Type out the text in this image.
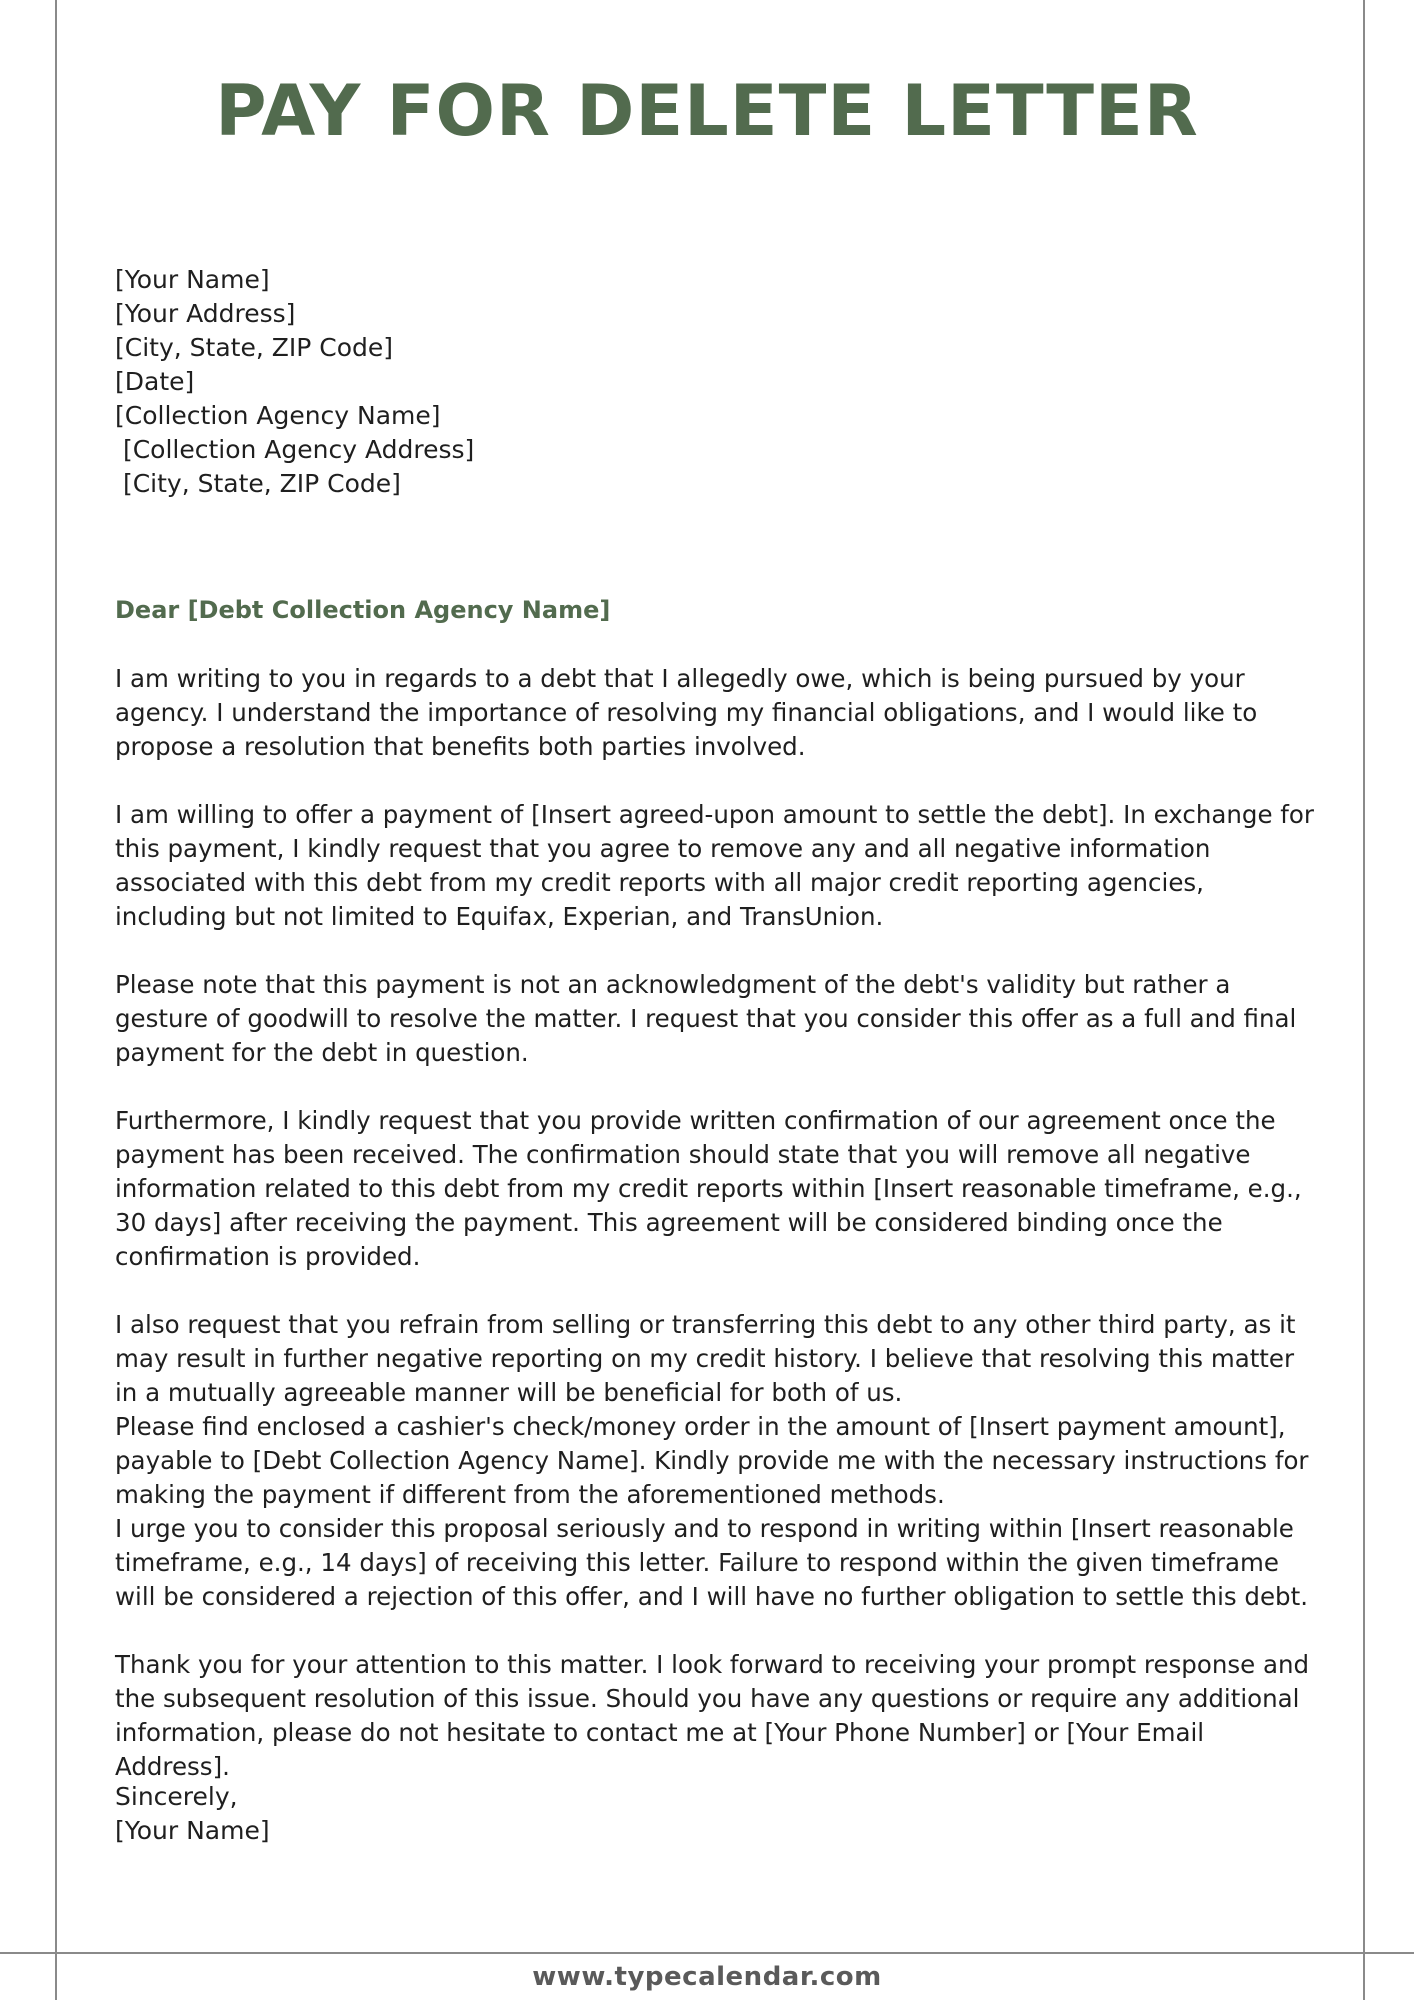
PAY FOR DELETE LETTER
[Your Name]
[Your Address]
[City, State, ZIP Code]
[Date]
[Collection Agency Name]
[Collection Agency Address]
[City, State, ZIP Code]
Dear [Debt Collection Agency Name]

I am writing to you in regards to a debt that I allegedly owe, which is being pursued by your agency. I understand the importance of resolving my financial obligations, and I would like to propose a resolution that benefits both parties involved.

I am willing to offer a payment of [Insert agreed-upon amount to settle the debt]. In exchange for this payment, I kindly request that you agree to remove any and all negative information associated with this debt from my credit reports with all major credit reporting agencies, including but not limited to Equifax, Experian, and TransUnion.

Please note that this payment is not an acknowledgment of the debt's validity but rather a gesture of goodwill to resolve the matter. I request that you consider this offer as a full and final payment for the debt in question.

Furthermore, I kindly request that you provide written confirmation of our agreement once the payment has been received. The confirmation should state that you will remove all negative information related to this debt from my credit reports within [Insert reasonable timeframe, e.g., 30 days] after receiving the payment. This agreement will be considered binding once the confirmation is provided.

I also request that you refrain from selling or transferring this debt to any other third party, as it may result in further negative reporting on my credit history. I believe that resolving this matter in a mutually agreeable manner will be beneficial for both of us.

Please find enclosed a cashier's check/money order in the amount of [Insert payment amount], payable to [Debt Collection Agency Name]. Kindly provide me with the necessary instructions for making the payment if different from the aforementioned methods.

I urge you to consider this proposal seriously and to respond in writing within [Insert reasonable timeframe, e.g., 14 days] of receiving this letter. Failure to respond within the given timeframe will be considered a rejection of this offer, and I will have no further obligation to settle this debt.

Thank you for your attention to this matter. I look forward to receiving your prompt response and the subsequent resolution of this issue. Should you have any questions or require any additional information, please do not hesitate to contact me at [Your Phone Number] or [Your Email Address].

Sincerely,
[Your Name]
www.typecalendar.com
